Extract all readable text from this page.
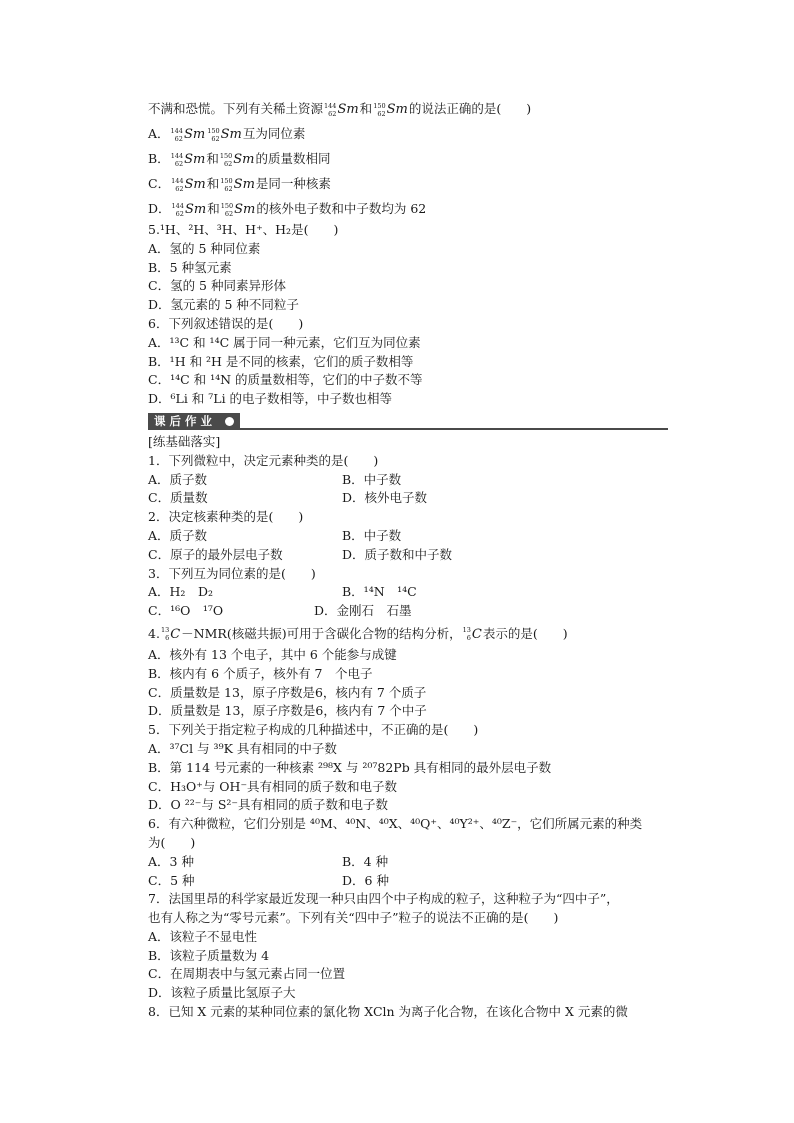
不满和恐慌。下列有关稀土资源 144
62 Sm 和 150
62 Sm 的说法正确的是(　　)
A． 144
62 Sm 150
62 Sm 互为同位素
B． 144
62 Sm 和 150
62 Sm 的质量数相同
C． 144
62 Sm 和 150
62 Sm 是同一种核素
D． 144
62 Sm 和 150
62 Sm 的核外电子数和中子数均为 62
5.¹H、²H、³H、H⁺、H₂是(　　)
A．氢的 5 种同位素
B．5 种氢元素
C．氢的 5 种同素异形体
D．氢元素的 5 种不同粒子
6．下列叙述错误的是(　　)
A．¹³C 和 ¹⁴C 属于同一种元素，它们互为同位素
B．¹H 和 ²H 是不同的核素，它们的质子数相等
C．¹⁴C 和 ¹⁴N 的质量数相等，它们的中子数不等
D．⁶Li 和 ⁷Li 的电子数相等，中子数也相等
课 后 作 业
[练基础落实]
1．下列微粒中，决定元素种类的是(　　)
A．质子数	B．中子数
C．质量数	D．核外电子数
2．决定核素种类的是(　　)
A．质子数	B．中子数
C．原子的最外层电子数	D．质子数和中子数
3．下列互为同位素的是(　　)
A．H₂　D₂	B．¹⁴N　¹⁴C
C．¹⁶O　¹⁷O	D．金刚石　石墨
4. 13
6 C －NMR(核磁共振)可用于含碳化合物的结构分析， 13
6 C 表示的是(　　)
A．核外有 13 个电子，其中 6 个能参与成键
B．核内有 6 个质子，核外有 7　个电子
C．质量数是 13，原子序数是6，核内有 7 个质子
D．质量数是 13，原子序数是6，核内有 7 个中子
5．下列关于指定粒子构成的几种描述中，不正确的是(　　)
A．³⁷Cl 与 ³⁹K 具有相同的中子数
B．第 114 号元素的一种核素 ²⁹⁸X 与 ²⁰⁷82Pb 具有相同的最外层电子数
C．H₃O⁺与 OH⁻具有相同的质子数和电子数
D．O ²²⁻与 S²⁻具有相同的质子数和电子数
6．有六种微粒，它们分别是 ⁴⁰M、⁴⁰N、⁴⁰X、⁴⁰Q⁺、⁴⁰Y²⁺、⁴⁰Z⁻，它们所属元素的种类
为(　　)
A．3 种	B．4 种
C．5 种	D．6 种
7．法国里昂的科学家最近发现一种只由四个中子构成的粒子，这种粒子为“四中子”，
也有人称之为“零号元素”。下列有关“四中子”粒子的说法不正确的是(　　)
A．该粒子不显电性
B．该粒子质量数为 4
C．在周期表中与氢元素占同一位置
D．该粒子质量比氢原子大
8．已知 X 元素的某种同位素的氯化物 XCln 为离子化合物，在该化合物中 X 元素的微
